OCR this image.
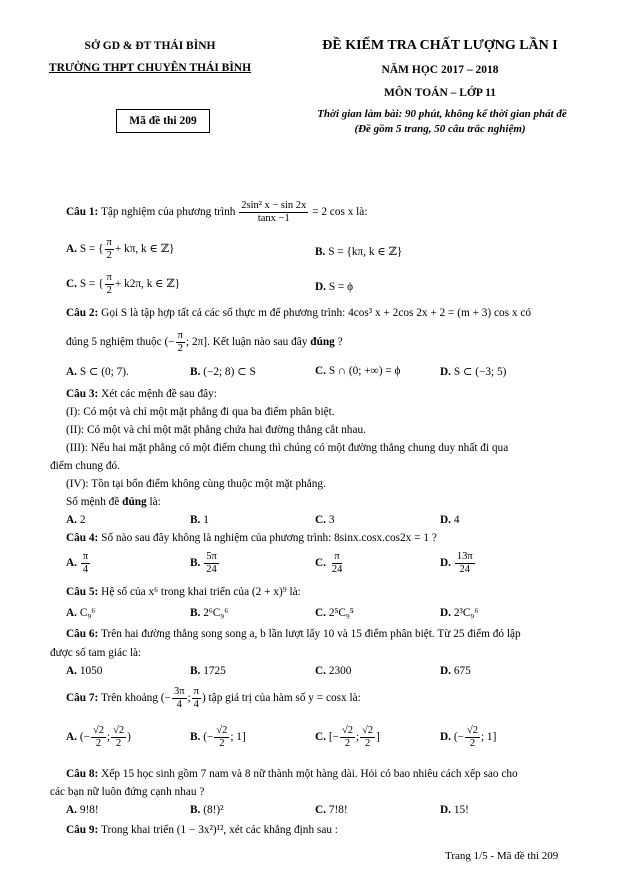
SỞ GD & ĐT THÁI BÌNH
TRƯỜNG THPT CHUYÊN THÁI BÌNH
Mã đề thi 209
ĐỀ KIỂM TRA CHẤT LƯỢNG LẦN I
NĂM HỌC 2017 – 2018
MÔN TOÁN – LỚP 11
Thời gian làm bài: 90 phút, không kể thời gian phát đề
(Đề gồm 5 trang, 50 câu trắc nghiệm)
Câu 1: Tập nghiệm của phương trình $\frac{\text{2sin² x − sin 2x}}{\tan x -1} = 2$ cos x là:
A. S = { $\frac{\pi}{2} + k\pi$, k ∈ ℤ}	B. S = {kπ, k ∈ ℤ}
C. S = { $\frac{\pi}{2} + k2\pi$, k ∈ ℤ}	D. S = ϕ
Câu 2: Gọi S là tập hợp tất cả các số thực m để phương trình: 4cos³ x + 2cos 2x + 2 = (m + 3) cos x có
đúng 5 nghiệm thuộc (− $\frac{\pi}{2}$ ; 2π]. Kết luận nào sau đây đúng ?
A. S ⊂ (0; 7).	B. (−2; 8) ⊂ S	C. S ∩ (0; +∞) = ϕ	D. S ⊂ (−3; 5)
Câu 3: Xét các mệnh đề sau đây:
(I): Có một và chỉ một mặt phẳng đi qua ba điểm phân biệt.
(II): Có một và chỉ một mặt phẳng chứa hai đường thẳng cắt nhau.
(III): Nếu hai mặt phẳng có một điểm chung thì chúng có một đường thẳng chung duy nhất đi qua
điểm chung đó.
(IV): Tồn tại bốn điểm không cùng thuộc một mặt phẳng.
Số mệnh đề đúng là:
A. 2	B. 1	C. 3	D. 4
Câu 4: Số nào sau đây không là nghiệm của phương trình: 8sinx.cosx.cos2x = 1 ?
A. $\frac{\pi}{4}$	B. $\frac{5\pi}{24}$	C. $\frac{\pi}{24}$	D. $\frac{13\pi}{24}$
Câu 5: Hệ số của x⁶ trong khai triển của (2 + x)⁹ là:
A. C₉⁶	B. 2⁶C₉⁶	C. 2⁵C₉⁵	D. 2³C₉⁶
Câu 6: Trên hai đường thẳng song song a, b lần lượt lấy 10 và 15 điểm phân biệt. Từ 25 điểm đó lập
được số tam giác là:
A. 1050	B. 1725	C. 2300	D. 675
Câu 7: Trên khoảng (− $\frac{3\pi}{4}$ ; $\frac{\pi}{4}$ ) tập giá trị của hàm số y = cosx là:
A. (− $\frac{√2}{2}$ ; $\frac{√2}{2}$ )	B. (− $\frac{√2}{2}$ ; 1]	C. [− $\frac{√2}{2}$ ; $\frac{√2}{2}$ ]	D. (− $\frac{√2}{2}$ ; 1]
Câu 8: Xếp 15 học sinh gồm 7 nam và 8 nữ thành một hàng dài. Hỏi có bao nhiêu cách xếp sao cho
các bạn nữ luôn đứng cạnh nhau ?
A. 9!8!	B. (8!)²	C. 7!8!	D. 15!
Câu 9: Trong khai triển (1 − 3x²)¹², xét các khẳng định sau :
Trang 1/5 - Mã đề thi 209
